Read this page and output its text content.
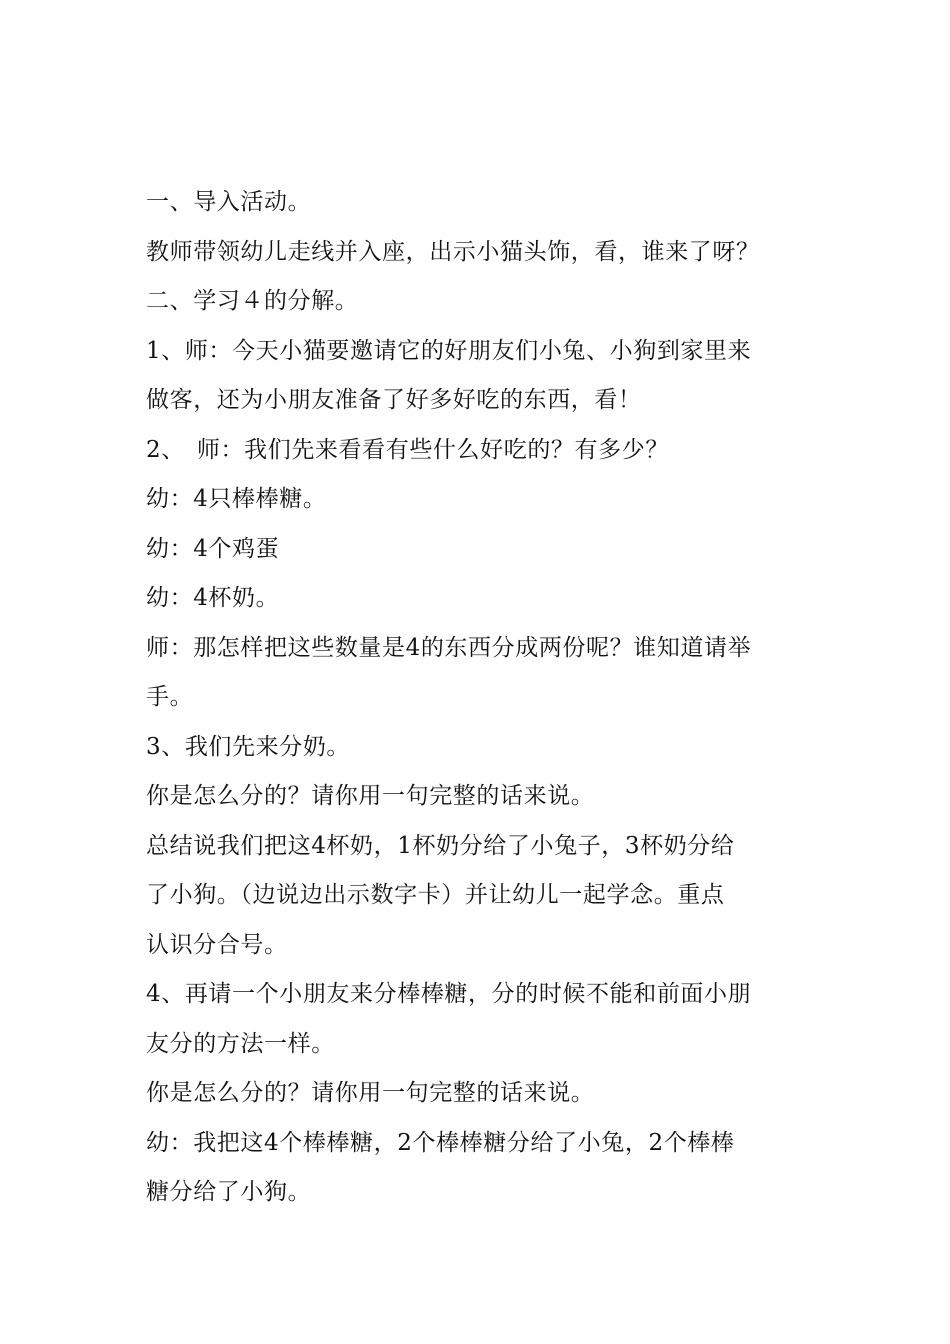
一、导入活动。
教师带领幼儿走线并入座，出示小猫头饰，看，谁来了呀？
二、学习４的分解。
1、师：今天小猫要邀请它的好朋友们小兔、小狗到家里来
做客，还为小朋友准备了好多好吃的东西，看！
2、　师：我们先来看看有些什么好吃的？有多少？
幼：4只棒棒糖。
幼：4个鸡蛋
幼：4杯奶。
师：那怎样把这些数量是4的东西分成两份呢？谁知道请举
手。
3、我们先来分奶。
你是怎么分的？请你用一句完整的话来说。
总结说我们把这4杯奶，1杯奶分给了小兔子，3杯奶分给
了小狗。（边说边出示数字卡）并让幼儿一起学念。重点
认识分合号。
4、再请一个小朋友来分棒棒糖，分的时候不能和前面小朋
友分的方法一样。
你是怎么分的？请你用一句完整的话来说。
幼：我把这4个棒棒糖，2个棒棒糖分给了小兔，2个棒棒
糖分给了小狗。
